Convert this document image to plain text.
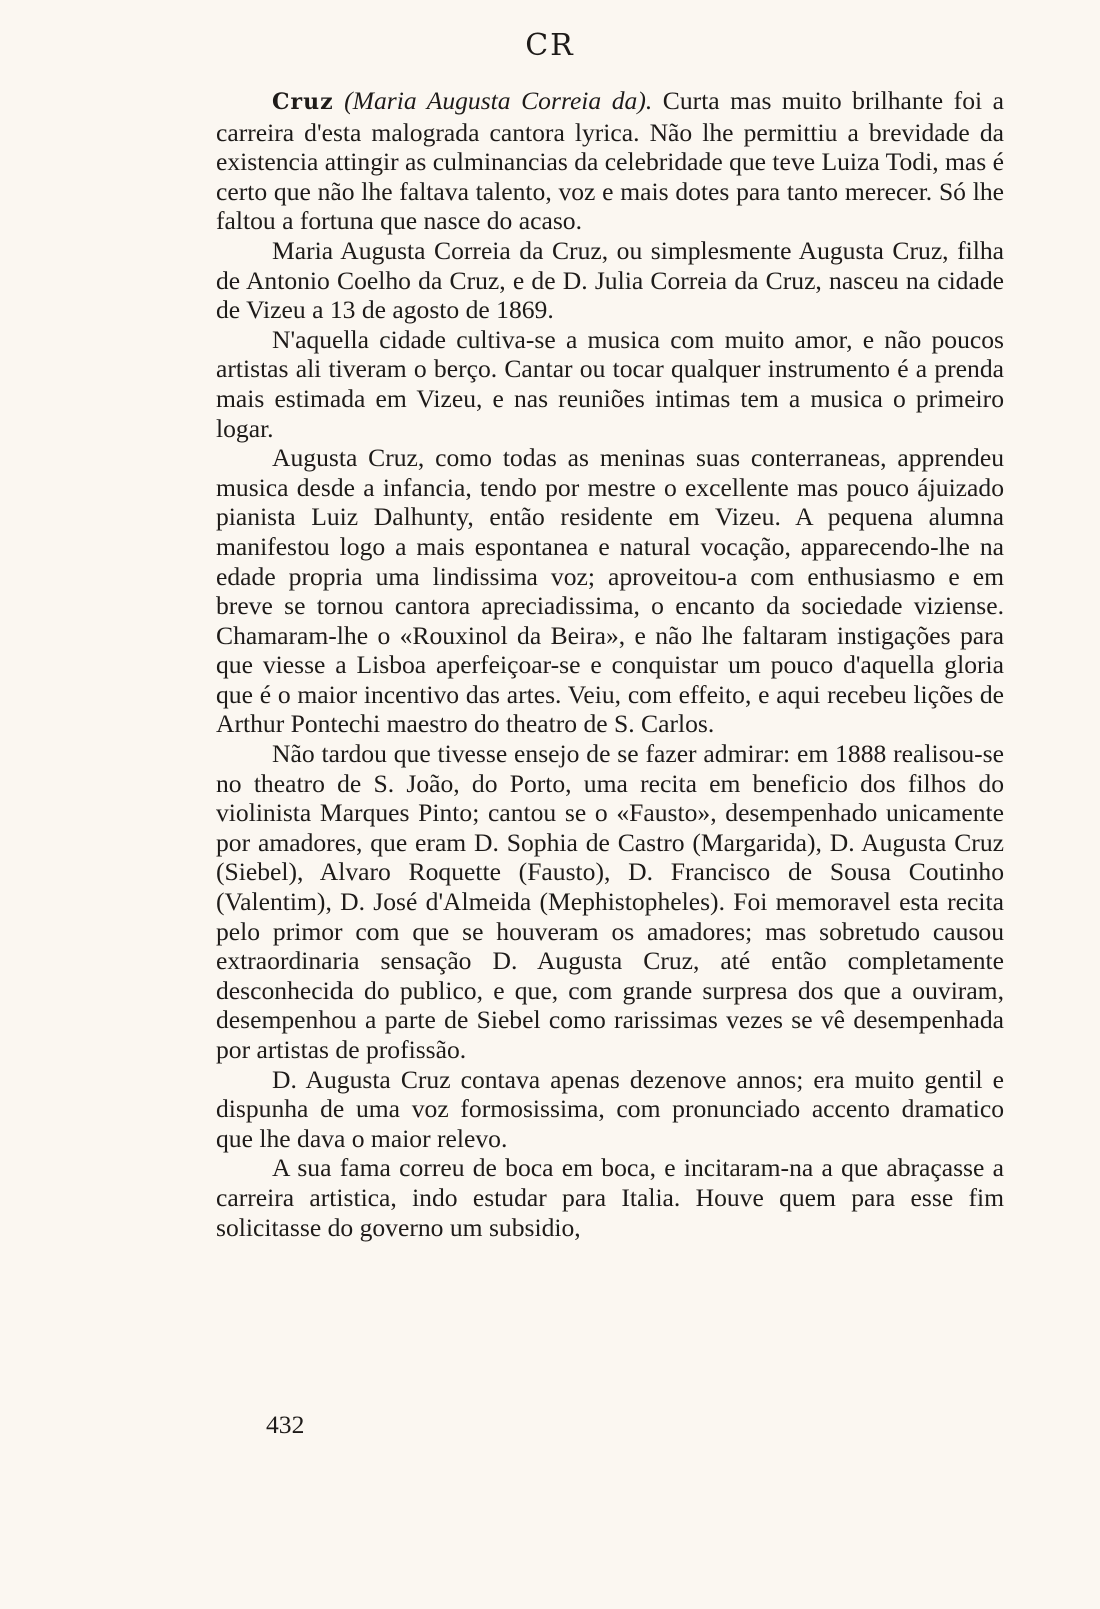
CR

Cruz (Maria Augusta Correia da). Curta mas muito brilhante foi a carreira d'esta malograda cantora lyrica. Não lhe permittiu a brevidade da existencia attingir as culminancias da celebridade que teve Luiza Todi, mas é certo que não lhe faltava talento, voz e mais dotes para tanto merecer. Só lhe faltou a fortuna que nasce do acaso.

Maria Augusta Correia da Cruz, ou simplesmente Augusta Cruz, filha de Antonio Coelho da Cruz, e de D. Julia Correia da Cruz, nasceu na cidade de Vizeu a 13 de agosto de 1869.

N'aquella cidade cultiva-se a musica com muito amor, e não poucos artistas ali tiveram o berço. Cantar ou tocar qualquer instrumento é a prenda mais estimada em Vizeu, e nas reuniões intimas tem a musica o primeiro logar.

Augusta Cruz, como todas as meninas suas conterraneas, apprendeu musica desde a infancia, tendo por mestre o excellente mas pouco ájuizado pianista Luiz Dalhunty, então residente em Vizeu. A pequena alumna manifestou logo a mais espontanea e natural vocação, apparecendo-lhe na edade propria uma lindissima voz; aproveitou-a com enthusiasmo e em breve se tornou cantora apreciadissima, o encanto da sociedade viziense. Chamaram-lhe o «Rouxinol da Beira», e não lhe faltaram instigações para que viesse a Lisboa aperfeiçoar-se e conquistar um pouco d'aquella gloria que é o maior incentivo das artes. Veiu, com effeito, e aqui recebeu lições de Arthur Pontechi maestro do theatro de S. Carlos.

Não tardou que tivesse ensejo de se fazer admirar: em 1888 realisou-se no theatro de S. João, do Porto, uma recita em beneficio dos filhos do violinista Marques Pinto; cantou se o «Fausto», desempenhado unicamente por amadores, que eram D. Sophia de Castro (Margarida), D. Augusta Cruz (Siebel), Alvaro Roquette (Fausto), D. Francisco de Sousa Coutinho (Valentim), D. José d'Almeida (Mephistopheles). Foi memoravel esta recita pelo primor com que se houveram os amadores; mas sobretudo causou extraordinaria sensação D. Augusta Cruz, até então completamente desconhecida do publico, e que, com grande surpresa dos que a ouviram, desempenhou a parte de Siebel como rarissimas vezes se vê desempenhada por artistas de profissão.

D. Augusta Cruz contava apenas dezenove annos; era muito gentil e dispunha de uma voz formosissima, com pronunciado accento dramatico que lhe dava o maior relevo.

A sua fama correu de boca em boca, e incitaram-na a que abraçasse a carreira artistica, indo estudar para Italia. Houve quem para esse fim solicitasse do governo um subsidio,

432
